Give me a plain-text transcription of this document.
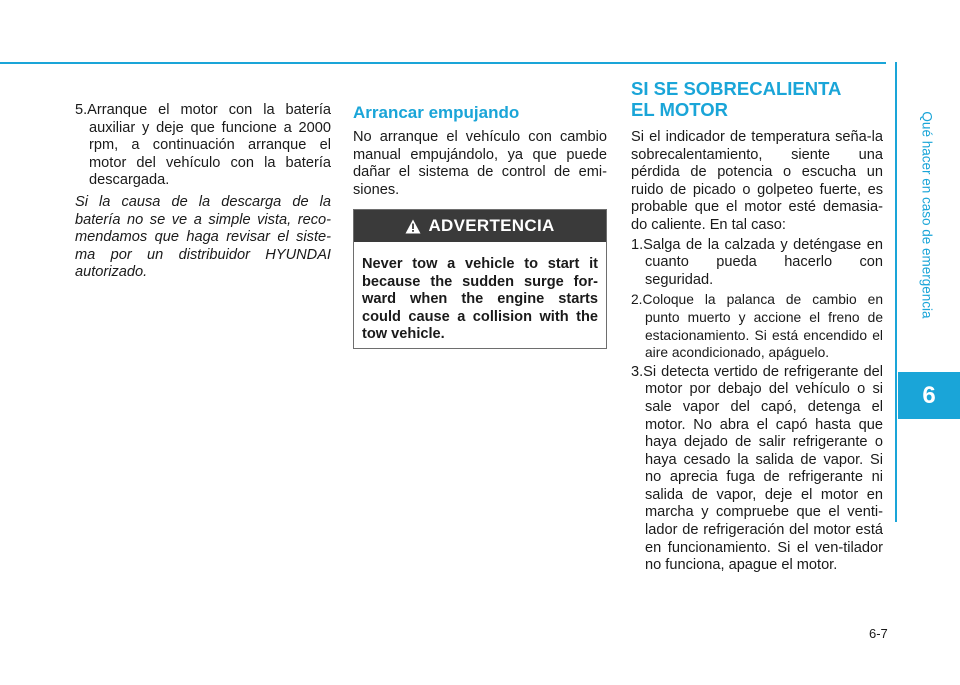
Qué hacer en caso de emergencia
6

5.Arranque el motor con la batería auxiliar y deje que funcione a 2000 rpm, a continuación arranque el motor del vehículo con la batería descargada.

Si la causa de la descarga de la batería no se ve a simple vista, reco-mendamos que haga revisar el siste-ma por un distribuidor HYUNDAI autorizado.

Arrancar empujando

No arranque el vehículo con cambio manual empujándolo, ya que puede dañar el sistema de control de emi-siones.

ADVERTENCIA

Never tow a vehicle to start it because the sudden surge for-ward when the engine starts could cause a collision with the tow vehicle.

SI SE SOBRECALIENTA
EL MOTOR

Si el indicador de temperatura seña-la sobrecalentamiento, siente una pérdida de potencia o escucha un ruido de picado o golpeteo fuerte, es probable que el motor esté demasia-do caliente. En tal caso:

1.Salga de la calzada y deténgase en cuanto pueda hacerlo con seguridad.

2.Coloque la palanca de cambio en punto muerto y accione el freno de estacionamiento. Si está encendido el aire acondicionado, apáguelo.

3.Si detecta vertido de refrigerante del motor por debajo del vehículo o si sale vapor del capó, detenga el motor. No abra el capó hasta que haya dejado de salir refrigerante o haya cesado la salida de vapor. Si no aprecia fuga de refrigerante ni salida de vapor, deje el motor en marcha y compruebe que el venti-lador de refrigeración del motor está en funcionamiento. Si el ven-tilador no funciona, apague el motor.

6-7
